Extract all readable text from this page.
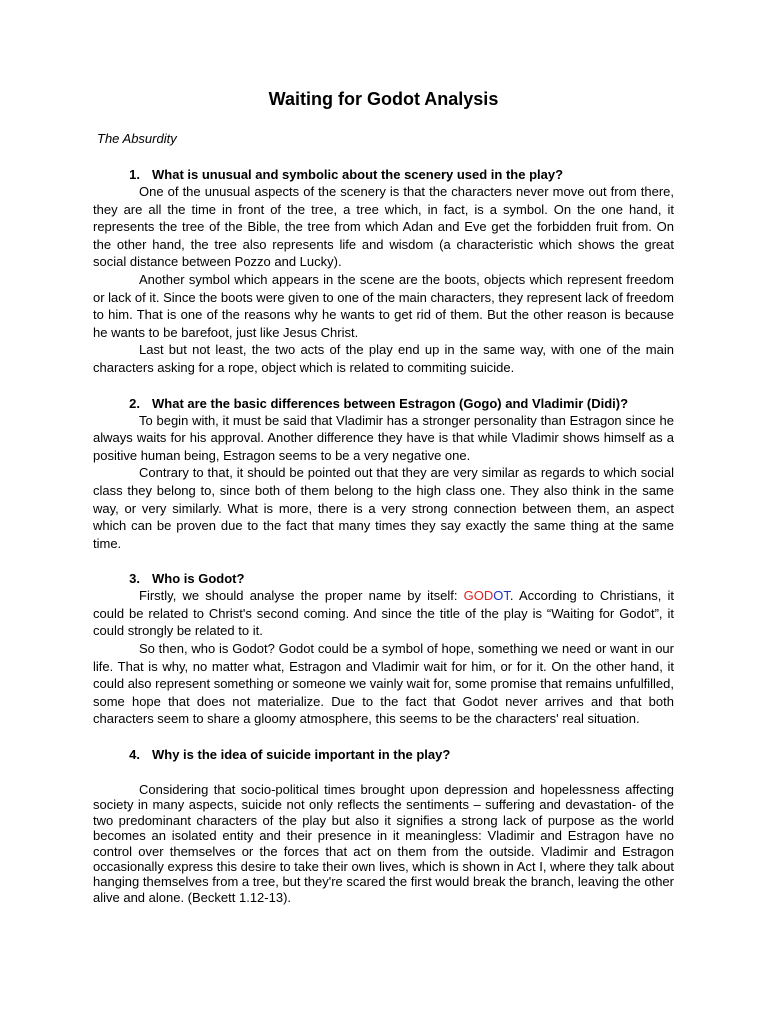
Waiting for Godot Analysis
The Absurdity
1. What is unusual and symbolic about the scenery used in the play?

One of the unusual aspects of the scenery is that the characters never move out from there, they are all the time in front of the tree, a tree which, in fact, is a symbol. On the one hand, it represents the tree of the Bible, the tree from which Adan and Eve get the forbidden fruit from. On the other hand, the tree also represents life and wisdom (a characteristic which shows the great social distance between Pozzo and Lucky).

Another symbol which appears in the scene are the boots, objects which represent freedom or lack of it. Since the boots were given to one of the main characters, they represent lack of freedom to him. That is one of the reasons why he wants to get rid of them. But the other reason is because he wants to be barefoot, just like Jesus Christ.

Last but not least, the two acts of the play end up in the same way, with one of the main characters asking for a rope, object which is related to commiting suicide.

2. What are the basic differences between Estragon (Gogo) and Vladimir (Didi)?

To begin with, it must be said that Vladimir has a stronger personality than Estragon since he always waits for his approval. Another difference they have is that while Vladimir shows himself as a positive human being, Estragon seems to be a very negative one.

Contrary to that, it should be pointed out that they are very similar as regards to which social class they belong to, since both of them belong to the high class one. They also think in the same way, or very similarly. What is more, there is a very strong connection between them, an aspect which can be proven due to the fact that many times they say exactly the same thing at the same time.

3. Who is Godot?

Firstly, we should analyse the proper name by itself: GODOT. According to Christians, it could be related to Christ's second coming. And since the title of the play is “Waiting for Godot”, it could strongly be related to it.

So then, who is Godot? Godot could be a symbol of hope, something we need or want in our life. That is why, no matter what, Estragon and Vladimir wait for him, or for it. On the other hand, it could also represent something or someone we vainly wait for, some promise that remains unfulfilled, some hope that does not materialize. Due to the fact that Godot never arrives and that both characters seem to share a gloomy atmosphere, this seems to be the characters' real situation.

4. Why is the idea of suicide important in the play?

Considering that socio-political times brought upon depression and hopelessness affecting society in many aspects, suicide not only reflects the sentiments – suffering and devastation- of the two predominant characters of the play but also it signifies a strong lack of purpose as the world becomes an isolated entity and their presence in it meaningless: Vladimir and Estragon have no control over themselves or the forces that act on them from the outside. Vladimir and Estragon occasionally express this desire to take their own lives, which is shown in Act I, where they talk about hanging themselves from a tree, but they're scared the first would break the branch, leaving the other alive and alone. (Beckett 1.12-13).
